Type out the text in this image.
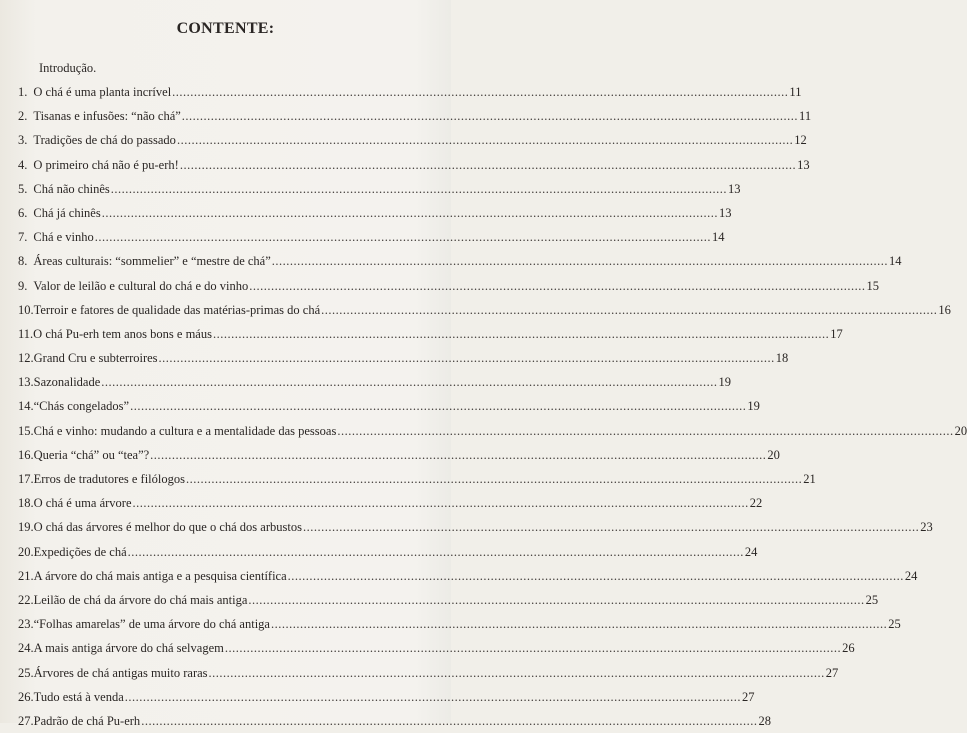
CONTENTE:
Introdução.
1. O chá é uma planta incrível .......................................................................................................................................................................... 11
2. Tisanas e infusões: “não chá” .......................................................................................................................................................................... 11
3. Tradições de chá do passado .......................................................................................................................................................................... 12
4. O primeiro chá não é pu-erh! .......................................................................................................................................................................... 13
5. Chá não chinês .......................................................................................................................................................................... 13
6. Chá já chinês .......................................................................................................................................................................... 13
7. Chá e vinho .......................................................................................................................................................................... 14
8. Áreas culturais: “sommelier” e “mestre de chá” .......................................................................................................................................................................... 14
9. Valor de leilão e cultural do chá e do vinho .......................................................................................................................................................................... 15
10. Terroir e fatores de qualidade das matérias-primas do chá .......................................................................................................................................................................... 16
11. O chá Pu-erh tem anos bons e máus .......................................................................................................................................................................... 17
12. Grand Cru e subterroires .......................................................................................................................................................................... 18
13. Sazonalidade .......................................................................................................................................................................... 19
14. “Chás congelados” .......................................................................................................................................................................... 19
15. Chá e vinho: mudando a cultura e a mentalidade das pessoas .......................................................................................................................................................................... 20
16. Queria “chá” ou “tea”? .......................................................................................................................................................................... 20
17. Erros de tradutores e filólogos .......................................................................................................................................................................... 21
18. O chá é uma árvore .......................................................................................................................................................................... 22
19. O chá das árvores é melhor do que o chá dos arbustos .......................................................................................................................................................................... 23
20. Expedições de chá .......................................................................................................................................................................... 24
21. A árvore do chá mais antiga e a pesquisa científica .......................................................................................................................................................................... 24
22. Leilão de chá da árvore do chá mais antiga .......................................................................................................................................................................... 25
23. “Folhas amarelas” de uma árvore do chá antiga .......................................................................................................................................................................... 25
24. A mais antiga árvore do chá selvagem .......................................................................................................................................................................... 26
25. Árvores de chá antigas muito raras .......................................................................................................................................................................... 27
26. Tudo está à venda .......................................................................................................................................................................... 27
27. Padrão de chá Pu-erh .......................................................................................................................................................................... 28
